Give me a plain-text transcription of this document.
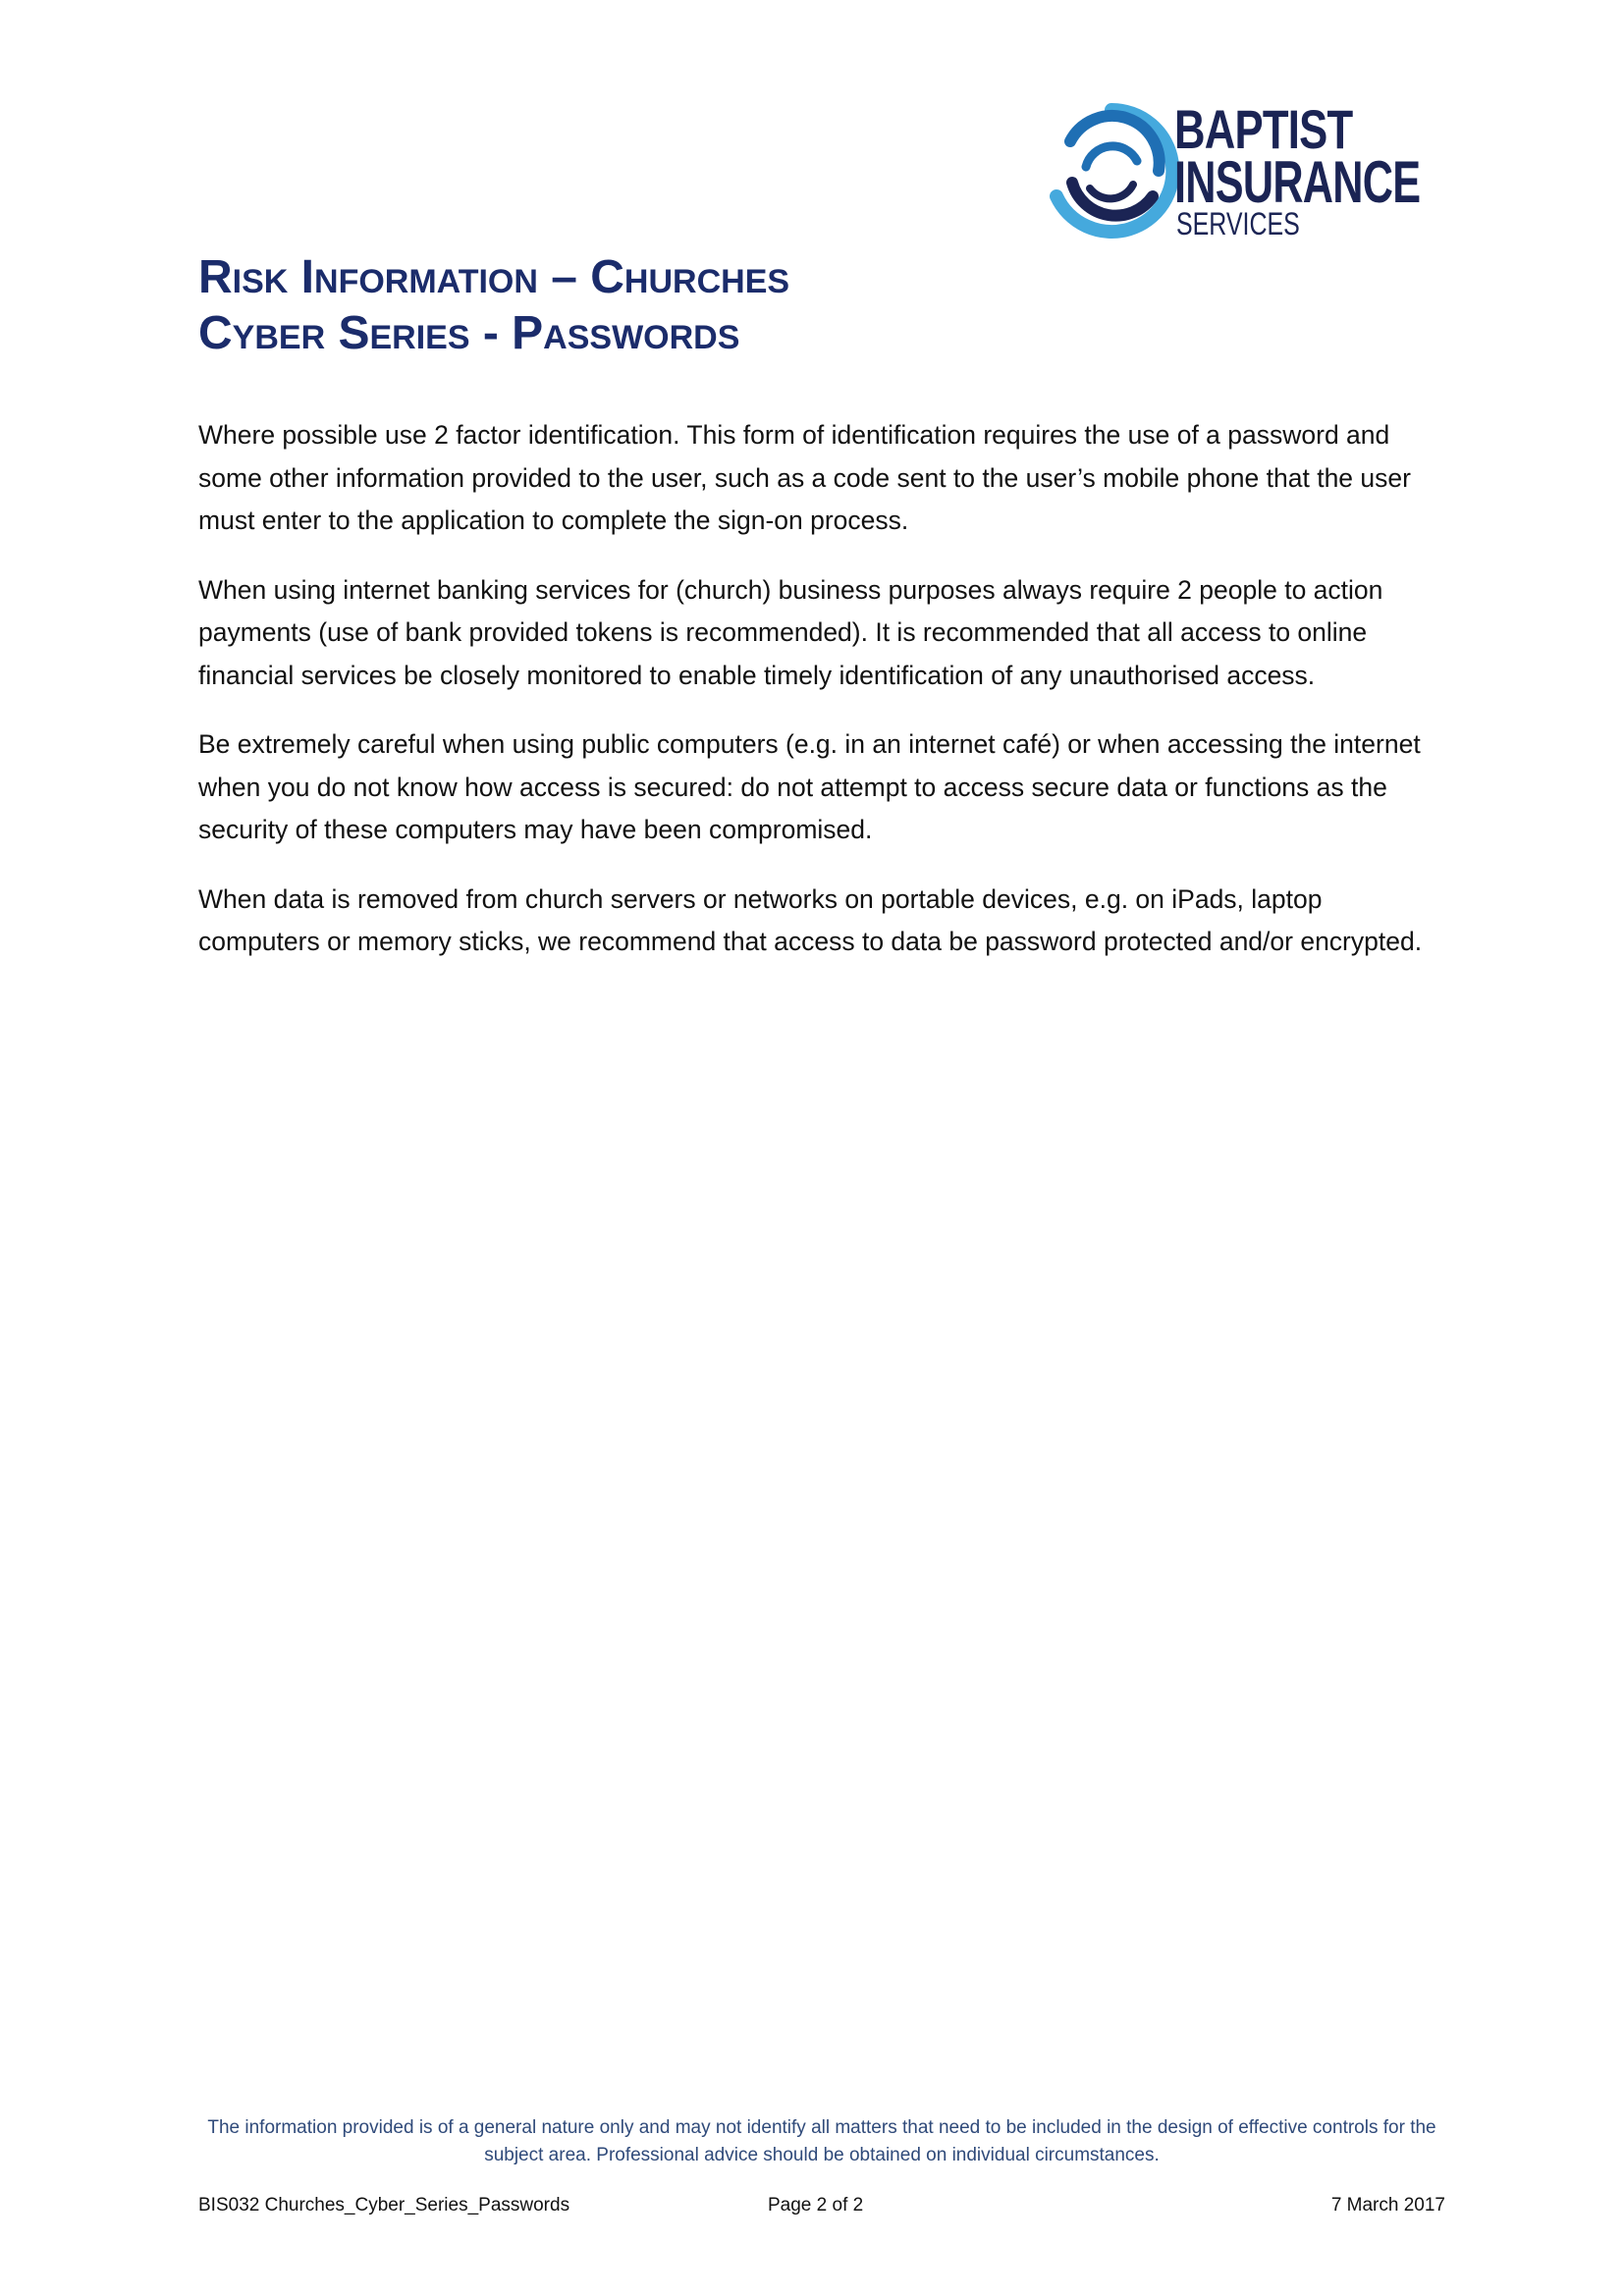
BAPTIST
INSURANCE
SERVICES
Risk Information – Churches
Cyber Series - Passwords

Where possible use 2 factor identification. This form of identification requires the use of a password and some other information provided to the user, such as a code sent to the user’s mobile phone that the user must enter to the application to complete the sign-on process.

When using internet banking services for (church) business purposes always require 2 people to action payments (use of bank provided tokens is recommended). It is recommended that all access to online financial services be closely monitored to enable timely identification of any unauthorised access.

Be extremely careful when using public computers (e.g. in an internet café) or when accessing the internet when you do not know how access is secured: do not attempt to access secure data or functions as the security of these computers may have been compromised.

When data is removed from church servers or networks on portable devices, e.g. on iPads, laptop computers or memory sticks, we recommend that access to data be password protected and/or encrypted.

The information provided is of a general nature only and may not identify all matters that need to be included in the design of effective controls for the subject area. Professional advice should be obtained on individual circumstances.
BIS032 Churches_Cyber_Series_Passwords	Page 2 of 2	7 March 2017
